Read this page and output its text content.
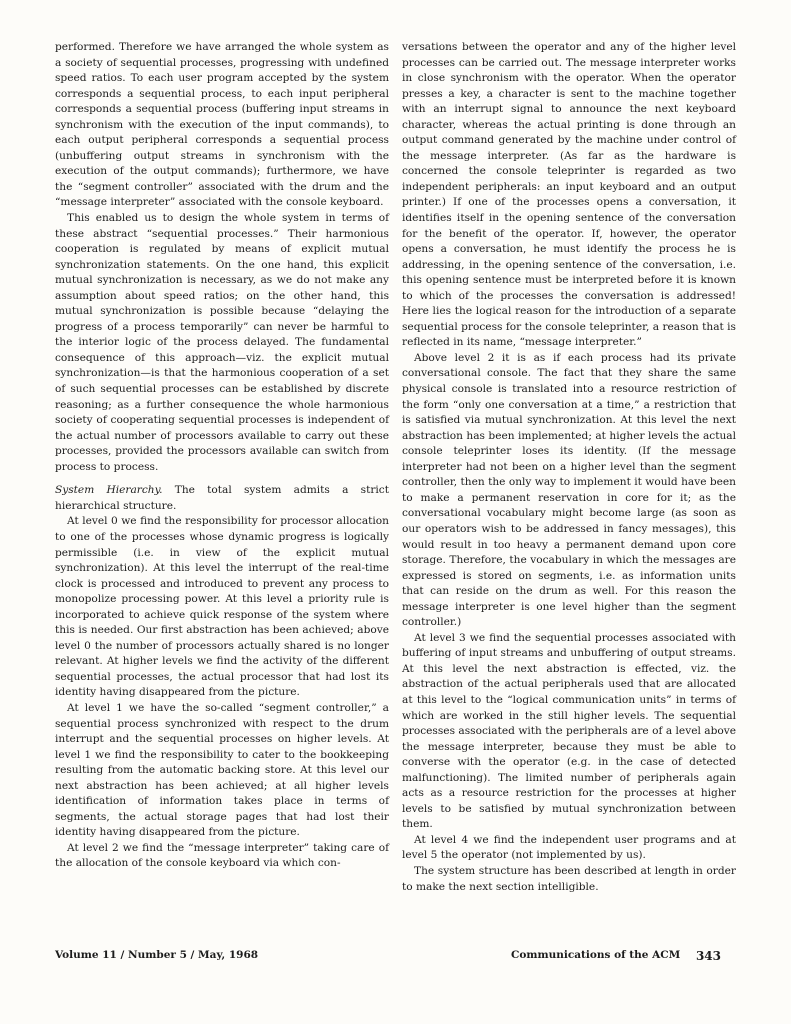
performed. Therefore we have arranged the whole system as a society of sequential processes, progressing with undefined speed ratios. To each user program accepted by the system corresponds a sequential process, to each input peripheral corresponds a sequential process (buffering input streams in synchronism with the execution of the input commands), to each output peripheral corresponds a sequential process (unbuffering output streams in synchronism with the execution of the output commands); furthermore, we have the “segment controller” associated with the drum and the “message interpreter” associated with the console keyboard.

This enabled us to design the whole system in terms of these abstract “sequential processes.” Their harmonious cooperation is regulated by means of explicit mutual synchronization statements. On the one hand, this explicit mutual synchronization is necessary, as we do not make any assumption about speed ratios; on the other hand, this mutual synchronization is possible because “delaying the progress of a process temporarily” can never be harmful to the interior logic of the process delayed. The fundamental consequence of this approach—viz. the explicit mutual synchronization—is that the harmonious cooperation of a set of such sequential processes can be established by discrete reasoning; as a further consequence the whole harmonious society of cooperating sequential processes is independent of the actual number of processors available to carry out these processes, provided the processors available can switch from process to process.

System Hierarchy. The total system admits a strict hierarchical structure.

At level 0 we find the responsibility for processor allocation to one of the processes whose dynamic progress is logically permissible (i.e. in view of the explicit mutual synchronization). At this level the interrupt of the real-time clock is processed and introduced to prevent any process to monopolize processing power. At this level a priority rule is incorporated to achieve quick response of the system where this is needed. Our first abstraction has been achieved; above level 0 the number of processors actually shared is no longer relevant. At higher levels we find the activity of the different sequential processes, the actual processor that had lost its identity having disappeared from the picture.

At level 1 we have the so-called “segment controller,” a sequential process synchronized with respect to the drum interrupt and the sequential processes on higher levels. At level 1 we find the responsibility to cater to the bookkeeping resulting from the automatic backing store. At this level our next abstraction has been achieved; at all higher levels identification of information takes place in terms of segments, the actual storage pages that had lost their identity having disappeared from the picture.

At level 2 we find the “message interpreter” taking care of the allocation of the console keyboard via which con-

versations between the operator and any of the higher level processes can be carried out. The message interpreter works in close synchronism with the operator. When the operator presses a key, a character is sent to the machine together with an interrupt signal to announce the next keyboard character, whereas the actual printing is done through an output command generated by the machine under control of the message interpreter. (As far as the hardware is concerned the console teleprinter is regarded as two independent peripherals: an input keyboard and an output printer.) If one of the processes opens a conversation, it identifies itself in the opening sentence of the conversation for the benefit of the operator. If, however, the operator opens a conversation, he must identify the process he is addressing, in the opening sentence of the conversation, i.e. this opening sentence must be interpreted before it is known to which of the processes the conversation is addressed! Here lies the logical reason for the introduction of a separate sequential process for the console teleprinter, a reason that is reflected in its name, “message interpreter.”

Above level 2 it is as if each process had its private conversational console. The fact that they share the same physical console is translated into a resource restriction of the form “only one conversation at a time,” a restriction that is satisfied via mutual synchronization. At this level the next abstraction has been implemented; at higher levels the actual console teleprinter loses its identity. (If the message interpreter had not been on a higher level than the segment controller, then the only way to implement it would have been to make a permanent reservation in core for it; as the conversational vocabulary might become large (as soon as our operators wish to be addressed in fancy messages), this would result in too heavy a permanent demand upon core storage. Therefore, the vocabulary in which the messages are expressed is stored on segments, i.e. as information units that can reside on the drum as well. For this reason the message interpreter is one level higher than the segment controller.)

At level 3 we find the sequential processes associated with buffering of input streams and unbuffering of output streams. At this level the next abstraction is effected, viz. the abstraction of the actual peripherals used that are allocated at this level to the “logical communication units” in terms of which are worked in the still higher levels. The sequential processes associated with the peripherals are of a level above the message interpreter, because they must be able to converse with the operator (e.g. in the case of detected malfunctioning). The limited number of peripherals again acts as a resource restriction for the processes at higher levels to be satisfied by mutual synchronization between them.

At level 4 we find the independent user programs and at level 5 the operator (not implemented by us).

The system structure has been described at length in order to make the next section intelligible.

Volume 11 / Number 5 / May, 1968	Communications of the ACM 343
